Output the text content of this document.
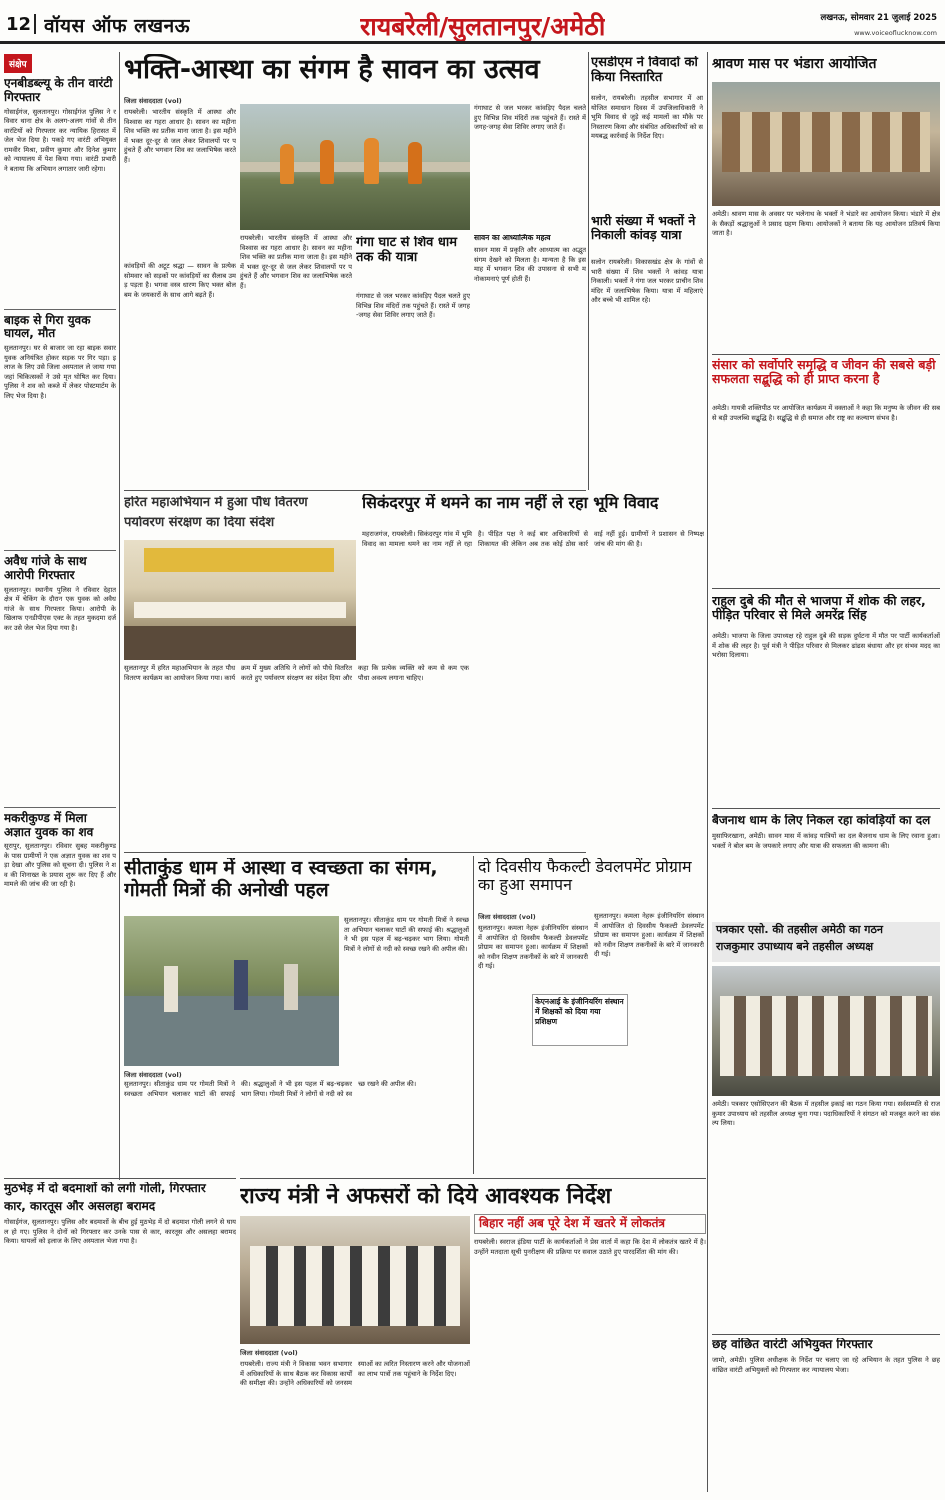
12 वॉयस ऑफ लखनऊ	रायबरेली/सुलतानपुर/अमेठी	लखनऊ, सोमवार 21 जुलाई 2025
www.voiceoflucknow.com
संक्षेप
एनबीडब्ल्यू के तीन वारंटी गिरफ्तार
गोसाईगंज, सुलतानपुर। गोसाईगंज पुलिस ने रविवार थाना क्षेत्र के अलग-अलग गांवों से तीन वारंटियों को गिरफ्तार कर न्यायिक हिरासत में जेल भेज दिया है। पकड़े गए वारंटी अभियुक्त रामवीर मिश्रा, प्रवीण कुमार और दिनेश कुमार को न्यायालय में पेश किया गया। वारंटी प्रभारी ने बताया कि अभियान लगातार जारी रहेगा।
बाइक से गिरा युवक घायल, मौत
सुलतानपुर। घर से बाजार जा रहा बाइक सवार युवक अनियंत्रित होकर सड़क पर गिर पड़ा। इलाज के लिए उसे जिला अस्पताल ले जाया गया जहां चिकित्सकों ने उसे मृत घोषित कर दिया। पुलिस ने शव को कब्जे में लेकर पोस्टमार्टम के लिए भेज दिया है।
अवैध गांजे के साथ आरोपी गिरफ्तार
सुलतानपुर। स्थानीय पुलिस ने रविवार देहात क्षेत्र में चेकिंग के दौरान एक युवक को अवैध गांजे के साथ गिरफ्तार किया। आरोपी के खिलाफ एनडीपीएस एक्ट के तहत मुकदमा दर्ज कर उसे जेल भेज दिया गया है।
मकरीकुण्ड में मिला अज्ञात युवक का शव
सूरापुर, सुलतानपुर। रविवार सुबह मकरीकुण्ड के पास ग्रामीणों ने एक अज्ञात युवक का शव पड़ा देखा और पुलिस को सूचना दी। पुलिस ने शव की शिनाख्त के प्रयास शुरू कर दिए हैं और मामले की जांच की जा रही है।
भक्ति-आस्था का संगम है सावन का उत्सव
जिला संवाददाता (vol)
रायबरेली। भारतीय संस्कृति में आस्था और विश्वास का गहरा आधार है। सावन का महीना शिव भक्ति का प्रतीक माना जाता है। इस महीने में भक्त दूर-दूर से जल लेकर शिवालयों पर पहुंचते हैं और भगवान शिव का जलाभिषेक करते हैं।
कांवड़ियों की अटूट श्रद्धा — सावन के प्रत्येक सोमवार को सड़कों पर कांवड़ियों का सैलाब उमड़ पड़ता है। भगवा वस्त्र धारण किए भक्त बोल बम के जयकारों के साथ आगे बढ़ते हैं।
रायबरेली। भारतीय संस्कृति में आस्था और विश्वास का गहरा आधार है। सावन का महीना शिव भक्ति का प्रतीक माना जाता है। इस महीने में भक्त दूर-दूर से जल लेकर शिवालयों पर पहुंचते हैं और भगवान शिव का जलाभिषेक करते हैं।
गंगा घाट से शिव धाम तक की यात्रा
गंगाघाट से जल भरकर कांवड़िए पैदल चलते हुए विभिन्न शिव मंदिरों तक पहुंचते हैं। रास्ते में जगह-जगह सेवा शिविर लगाए जाते हैं।
सावन का आध्यात्मिक महत्व
सावन मास में प्रकृति और आध्यात्म का अद्भुत संगम देखने को मिलता है। मान्यता है कि इस माह में भगवान शिव की उपासना से सभी मनोकामनाएं पूर्ण होती हैं।
गंगाघाट से जल भरकर कांवड़िए पैदल चलते हुए विभिन्न शिव मंदिरों तक पहुंचते हैं। रास्ते में जगह-जगह सेवा शिविर लगाए जाते हैं।
भारी संख्या में भक्तों ने निकाली कांवड़ यात्रा
सलोन रायबरेली। विकासखंड क्षेत्र के गांवों से भारी संख्या में शिव भक्तों ने कांवड़ यात्रा निकाली। भक्तों ने गंगा जल भरकर प्राचीन शिव मंदिर में जलाभिषेक किया। यात्रा में महिलाएं और बच्चे भी शामिल रहे।
एसडीएम ने विवादों को किया निस्तारित
सलोन, रायबरेली। तहसील सभागार में आयोजित समाधान दिवस में उपजिलाधिकारी ने भूमि विवाद से जुड़े कई मामलों का मौके पर निस्तारण किया और संबंधित अधिकारियों को समयबद्ध कार्रवाई के निर्देश दिए।
हरित महाअभियान में हुआ पौध वितरण
पर्यावरण संरक्षण का दिया संदेश
सुलतानपुर में हरित महाअभियान के तहत पौध वितरण कार्यक्रम का आयोजन किया गया। कार्यक्रम में मुख्य अतिथि ने लोगों को पौधे वितरित करते हुए पर्यावरण संरक्षण का संदेश दिया और कहा कि प्रत्येक व्यक्ति को कम से कम एक पौधा अवश्य लगाना चाहिए।
सिकंदरपुर में थमने का नाम नहीं ले रहा भूमि विवाद
महराजगंज, रायबरेली। सिकंदरपुर गांव में भूमि विवाद का मामला थमने का नाम नहीं ले रहा है। पीड़ित पक्ष ने कई बार अधिकारियों से शिकायत की लेकिन अब तक कोई ठोस कार्रवाई नहीं हुई। ग्रामीणों ने प्रशासन से निष्पक्ष जांच की मांग की है।
श्रावण मास पर भंडारा आयोजित
अमेठी। श्रावण मास के अवसर पर भलेनाथ के भक्तों ने भंडारे का आयोजन किया। भंडारे में क्षेत्र के सैकड़ों श्रद्धालुओं ने प्रसाद ग्रहण किया। आयोजकों ने बताया कि यह आयोजन प्रतिवर्ष किया जाता है।
संसार को सर्वोपरि समृद्धि व जीवन की सबसे बड़ी सफलता सद्बुद्धि को ही प्राप्त करना है
अमेठी। गायत्री शक्तिपीठ पर आयोजित कार्यक्रम में वक्ताओं ने कहा कि मनुष्य के जीवन की सबसे बड़ी उपलब्धि सद्बुद्धि है। सद्बुद्धि से ही समाज और राष्ट्र का कल्याण संभव है।
राहुल दुबे की मौत से भाजपा में शोक की लहर, पीड़ित परिवार से मिले अमरेंद्र सिंह
अमेठी। भाजपा के जिला उपाध्यक्ष रहे राहुल दुबे की सड़क दुर्घटना में मौत पर पार्टी कार्यकर्ताओं में शोक की लहर है। पूर्व मंत्री ने पीड़ित परिवार से मिलकर ढांढस बंधाया और हर संभव मदद का भरोसा दिलाया।
बैजनाथ धाम के लिए निकल रहा कांवड़ियों का दल
मुसाफिरखाना, अमेठी। सावन मास में कांवड़ यात्रियों का दल बैजनाथ धाम के लिए रवाना हुआ। भक्तों ने बोल बम के जयकारे लगाए और यात्रा की सफलता की कामना की।
पत्रकार एसो. की तहसील अमेठी का गठन
राजकुमार उपाध्याय बने तहसील अध्यक्ष
अमेठी। पत्रकार एसोसिएशन की बैठक में तहसील इकाई का गठन किया गया। सर्वसम्मति से राजकुमार उपाध्याय को तहसील अध्यक्ष चुना गया। पदाधिकारियों ने संगठन को मजबूत करने का संकल्प लिया।
छह वांछित वारंटी अभियुक्त गिरफ्तार
जामो, अमेठी। पुलिस अधीक्षक के निर्देश पर चलाए जा रहे अभियान के तहत पुलिस ने छह वांछित वारंटी अभियुक्तों को गिरफ्तार कर न्यायालय भेजा।
सीताकुंड धाम में आस्था व स्वच्छता का संगम, गोमती मित्रों की अनोखी पहल
जिला संवाददाता (vol)
सुलतानपुर। सीताकुंड धाम पर गोमती मित्रों ने स्वच्छता अभियान चलाकर घाटों की सफाई की। श्रद्धालुओं ने भी इस पहल में बढ़-चढ़कर भाग लिया। गोमती मित्रों ने लोगों से नदी को स्वच्छ रखने की अपील की।
सुलतानपुर। सीताकुंड धाम पर गोमती मित्रों ने स्वच्छता अभियान चलाकर घाटों की सफाई की। श्रद्धालुओं ने भी इस पहल में बढ़-चढ़कर भाग लिया। गोमती मित्रों ने लोगों से नदी को स्वच्छ रखने की अपील की।
दो दिवसीय फैकल्टी डेवलपमेंट प्रोग्राम का हुआ समापन
जिला संवाददाता (vol)
सुलतानपुर। कमला नेहरू इंजीनियरिंग संस्थान में आयोजित दो दिवसीय फैकल्टी डेवलपमेंट प्रोग्राम का समापन हुआ। कार्यक्रम में शिक्षकों को नवीन शिक्षण तकनीकों के बारे में जानकारी दी गई।
सुलतानपुर। कमला नेहरू इंजीनियरिंग संस्थान में आयोजित दो दिवसीय फैकल्टी डेवलपमेंट प्रोग्राम का समापन हुआ। कार्यक्रम में शिक्षकों को नवीन शिक्षण तकनीकों के बारे में जानकारी दी गई।
केएनआई के इंजीनियरिंग संस्थान में शिक्षकों को दिया गया प्रशिक्षण
मुठभेड़ में दो बदमाशों को लगी गोली, गिरफ्तार
कार, कारतूस और असलहा बरामद
गोसाईगंज, सुलतानपुर। पुलिस और बदमाशों के बीच हुई मुठभेड़ में दो बदमाश गोली लगने से घायल हो गए। पुलिस ने दोनों को गिरफ्तार कर उनके पास से कार, कारतूस और असलहा बरामद किया। घायलों को इलाज के लिए अस्पताल भेजा गया है।
राज्य मंत्री ने अफसरों को दिये आवश्यक निर्देश
जिला संवाददाता (vol)
रायबरेली। राज्य मंत्री ने विकास भवन सभागार में अधिकारियों के साथ बैठक कर विकास कार्यों की समीक्षा की। उन्होंने अधिकारियों को जनसमस्याओं का त्वरित निस्तारण करने और योजनाओं का लाभ पात्रों तक पहुंचाने के निर्देश दिए।
बिहार नहीं अब पूरे देश में खतरे में लोकतंत्र
रायबरेली। स्वराज इंडिया पार्टी के कार्यकर्ताओं ने प्रेस वार्ता में कहा कि देश में लोकतंत्र खतरे में है। उन्होंने मतदाता सूची पुनरीक्षण की प्रक्रिया पर सवाल उठाते हुए पारदर्शिता की मांग की।
